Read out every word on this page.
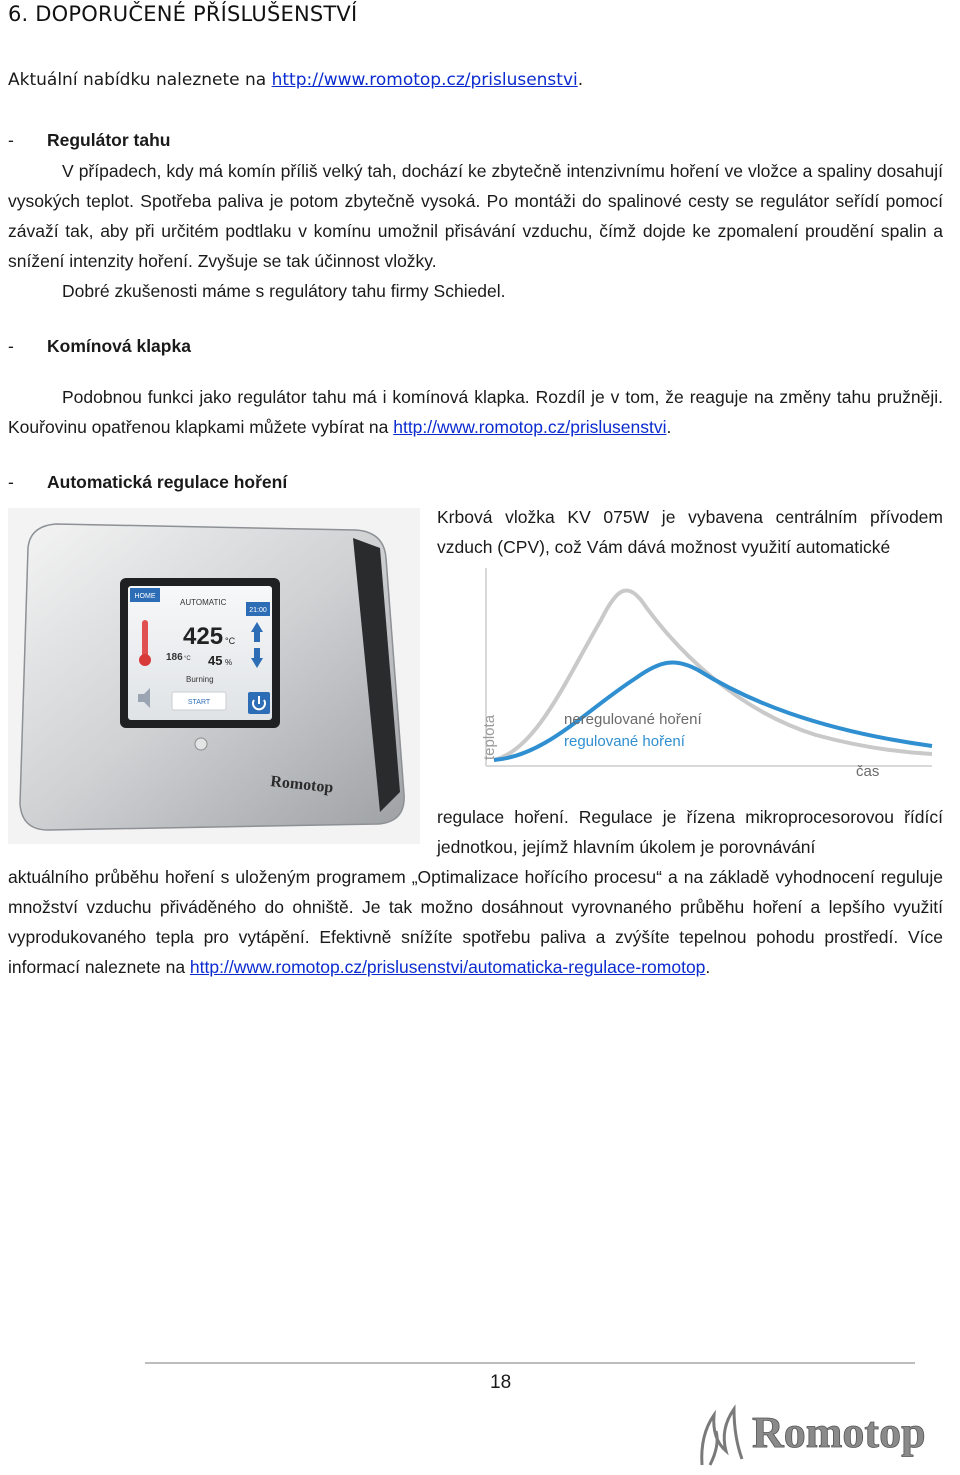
6. DOPORUČENÉ PŘÍSLUŠENSTVÍ
Aktuální nabídku naleznete na http://www.romotop.cz/prislusenstvi.
- Regulátor tahu
V případech, kdy má komín příliš velký tah, dochází ke zbytečně intenzivnímu hoření ve vložce a spaliny dosahují vysokých teplot. Spotřeba paliva je potom zbytečně vysoká. Po montáži do spalinové cesty se regulátor seřídí pomocí závaží tak, aby při určitém podtlaku v komínu umožnil přisávání vzduchu, čímž dojde ke zpomalení proudění spalin a snížení intenzity hoření. Zvyšuje se tak účinnost vložky.
Dobré zkušenosti máme s regulátory tahu firmy Schiedel.
- Komínová klapka
Podobnou funkci jako regulátor tahu má i komínová klapka. Rozdíl je v tom, že reaguje na změny tahu pružněji. Kouřovinu opatřenou klapkami můžete vybírat na http://www.romotop.cz/prislusenstvi.
- Automatická regulace hoření
HOME
AUTOMATIC
21:00
425 °C
186 °C 45 %
Burning
START
Romotop
Krbová vložka KV 075W je vybavena centrálním přívodem vzduch (CPV), což Vám dává možnost využití automatické
teplota
čas
neregulované hoření
regulované hoření
regulace hoření. Regulace je řízena mikroprocesorovou řídící jednotkou, jejímž hlavním úkolem je porovnávání
aktuálního průběhu hoření s uloženým programem „Optimalizace hořícího procesu“ a na základě vyhodnocení reguluje množství vzduchu přiváděného do ohniště. Je tak možno dosáhnout vyrovnaného průběhu hoření a lepšího využití vyprodukovaného tepla pro vytápění. Efektivně snížíte spotřebu paliva a zvýšíte tepelnou pohodu prostředí. Více informací naleznete na http://www.romotop.cz/prislusenstvi/automaticka-regulace-romotop.
18
Romotop
